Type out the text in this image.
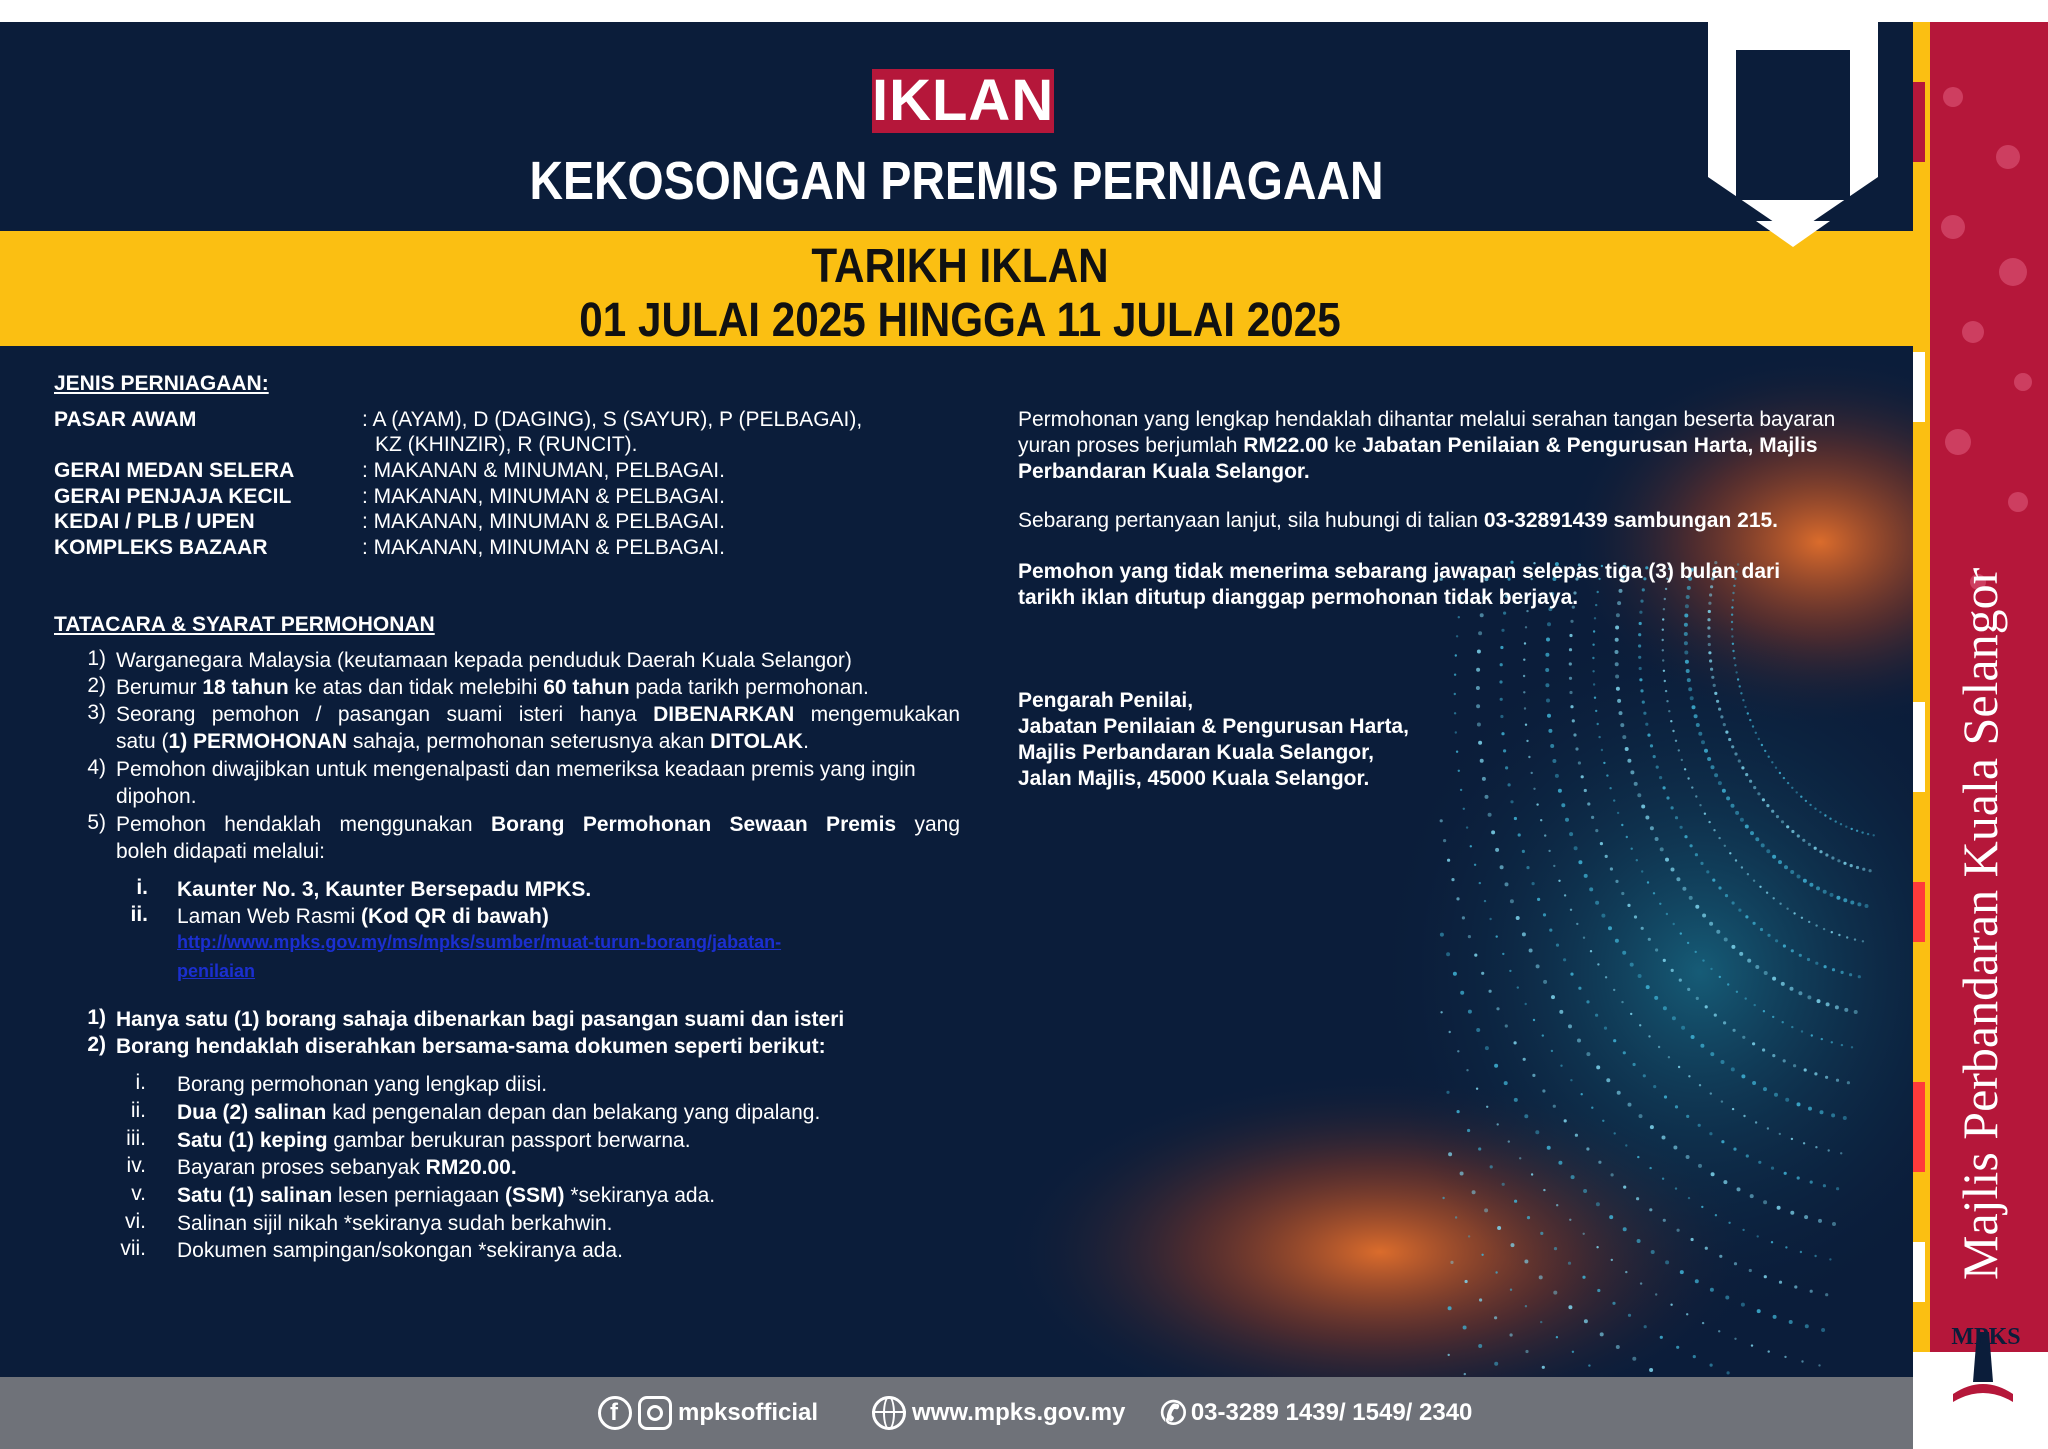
IKLAN
KEKOSONGAN PREMIS PERNIAGAAN
TARIKH IKLAN
01 JULAI 2025 HINGGA 11 JULAI 2025
JENIS PERNIAGAAN:
PASAR AWAM	: A (AYAM), D (DAGING), S (SAYUR), P (PELBAGAI),
KZ (KHINZIR), R (RUNCIT).
GERAI MEDAN SELERA	: MAKANAN & MINUMAN, PELBAGAI.
GERAI PENJAJA KECIL	: MAKANAN, MINUMAN & PELBAGAI.
KEDAI / PLB / UPEN	: MAKANAN, MINUMAN & PELBAGAI.
KOMPLEKS BAZAAR	: MAKANAN, MINUMAN & PELBAGAI.
TATACARA & SYARAT PERMOHONAN
1) Warganegara Malaysia (keutamaan kepada penduduk Daerah Kuala Selangor)
2) Berumur 18 tahun ke atas dan tidak melebihi 60 tahun pada tarikh permohonan.
3) Seorang pemohon / pasangan suami isteri hanya DIBENARKAN mengemukakan
satu (1) PERMOHONAN sahaja, permohonan seterusnya akan DITOLAK.
4) Pemohon diwajibkan untuk mengenalpasti dan memeriksa keadaan premis yang ingin
dipohon.
5) Pemohon hendaklah menggunakan Borang Permohonan Sewaan Premis yang
boleh didapati melalui:
i. Kaunter No. 3, Kaunter Bersepadu MPKS.
ii. Laman Web Rasmi (Kod QR di bawah)
http://www.mpks.gov.my/ms/mpks/sumber/muat-turun-borang/jabatan-
penilaian
1) Hanya satu (1) borang sahaja dibenarkan bagi pasangan suami dan isteri
2) Borang hendaklah diserahkan bersama-sama dokumen seperti berikut:
i. Borang permohonan yang lengkap diisi.
ii. Dua (2) salinan kad pengenalan depan dan belakang yang dipalang.
iii. Satu (1) keping gambar berukuran passport berwarna.
iv. Bayaran proses sebanyak RM20.00.
v. Satu (1) salinan lesen perniagaan (SSM) *sekiranya ada.
vi. Salinan sijil nikah *sekiranya sudah berkahwin.
vii. Dokumen sampingan/sokongan *sekiranya ada.
Permohonan yang lengkap hendaklah dihantar melalui serahan tangan beserta bayaran
yuran proses berjumlah RM22.00 ke Jabatan Penilaian & Pengurusan Harta, Majlis
Perbandaran Kuala Selangor.
Sebarang pertanyaan lanjut, sila hubungi di talian 03-32891439 sambungan 215.
Pemohon yang tidak menerima sebarang jawapan selepas tiga (3) bulan dari
tarikh iklan ditutup dianggap permohonan tidak berjaya.
Pengarah Penilai,
Jabatan Penilaian & Pengurusan Harta,
Majlis Perbandaran Kuala Selangor,
Jalan Majlis, 45000 Kuala Selangor.
f	mpksofficial	www.mpks.gov.my ✆ 03-3289 1439/ 1549/ 2340
Majlis Perbandaran Kuala Selangor
MPKS
